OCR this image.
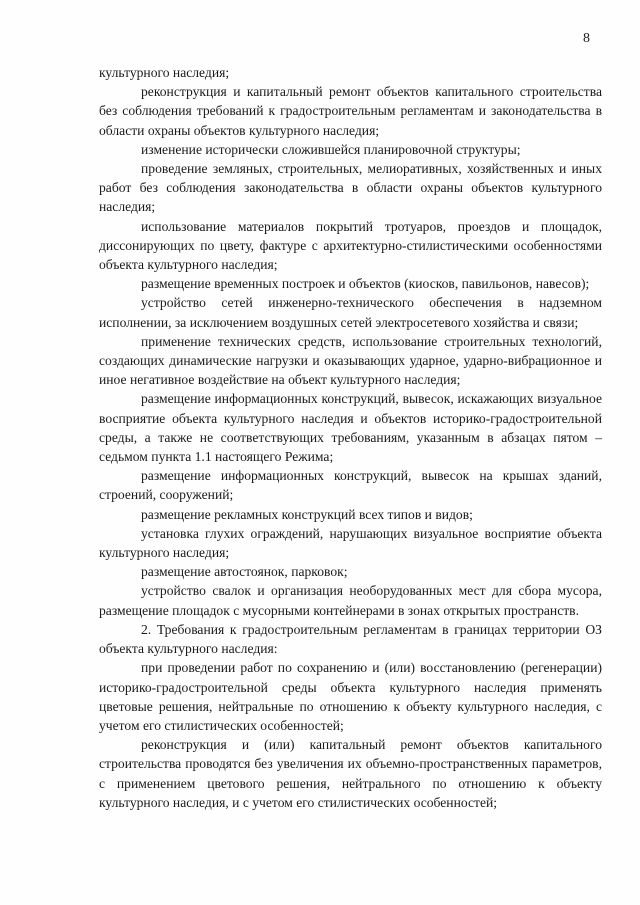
8

культурного наследия;

реконструкция и капитальный ремонт объектов капитального строительства без соблюдения требований к градостроительным регламентам и законодательства в области охраны объектов культурного наследия;

изменение исторически сложившейся планировочной структуры;

проведение земляных, строительных, мелиоративных, хозяйственных и иных работ без соблюдения законодательства в области охраны объектов культурного наследия;

использование материалов покрытий тротуаров, проездов и площадок, диссонирующих по цвету, фактуре с архитектурно-стилистическими особенностями объекта культурного наследия;

размещение временных построек и объектов (киосков, павильонов, навесов);

устройство сетей инженерно-технического обеспечения в надземном исполнении, за исключением воздушных сетей электросетевого хозяйства и связи;

применение технических средств, использование строительных технологий, создающих динамические нагрузки и оказывающих ударное, ударно-вибрационное и иное негативное воздействие на объект культурного наследия;

размещение информационных конструкций, вывесок, искажающих визуальное восприятие объекта культурного наследия и объектов историко-градостроительной среды, а также не соответствующих требованиям, указанным в абзацах пятом – седьмом пункта 1.1 настоящего Режима;

размещение информационных конструкций, вывесок на крышах зданий, строений, сооружений;

размещение рекламных конструкций всех типов и видов;

установка глухих ограждений, нарушающих визуальное восприятие объекта культурного наследия;

размещение автостоянок, парковок;

устройство свалок и организация необорудованных мест для сбора мусора, размещение площадок с мусорными контейнерами в зонах открытых пространств.

2. Требования к градостроительным регламентам в границах территории ОЗ объекта культурного наследия:

при проведении работ по сохранению и (или) восстановлению (регенерации) историко-градостроительной среды объекта культурного наследия применять цветовые решения, нейтральные по отношению к объекту культурного наследия, с учетом его стилистических особенностей;

реконструкция и (или) капитальный ремонт объектов капитального строительства проводятся без увеличения их объемно-пространственных параметров, с применением цветового решения, нейтрального по отношению к объекту культурного наследия, и с учетом его стилистических особенностей;
